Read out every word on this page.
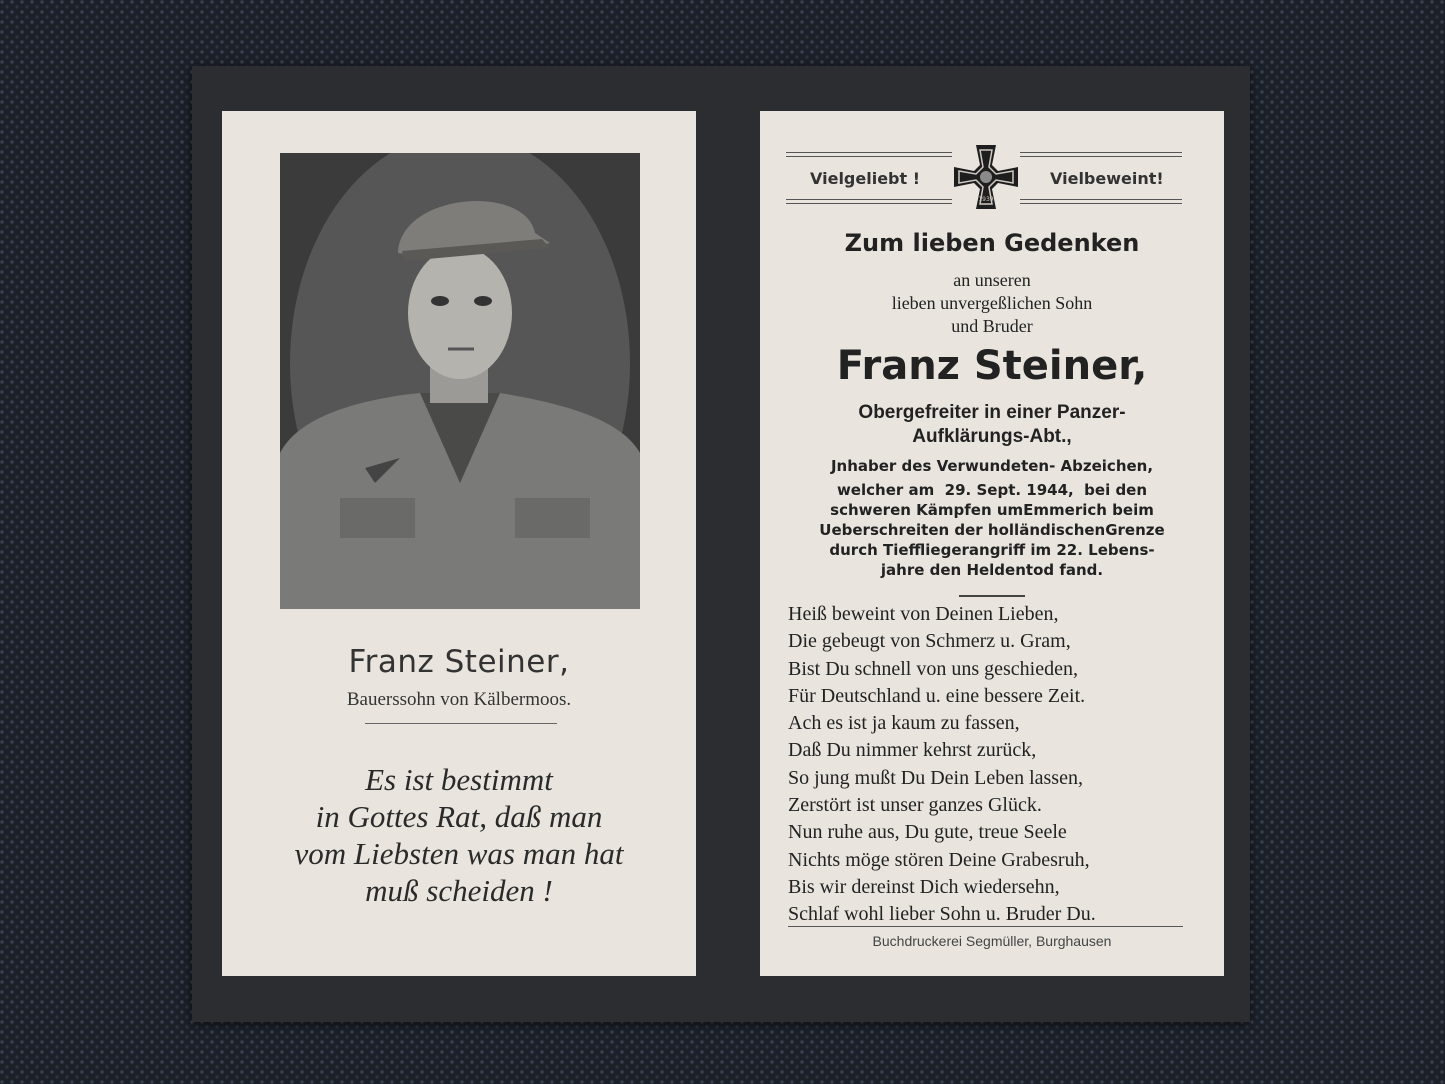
Franz Steiner,
Bauerssohn von Kälbermoos.
Es ist bestimmt
in Gottes Rat, daß man
vom Liebsten was man hat
muß scheiden !
Vielgeliebt !	Vielbeweint!
1939
Zum lieben Gedenken
an unseren
lieben unvergeßlichen Sohn
und Bruder
Franz Steiner,
Obergefreiter in einer Panzer-
Aufklärungs-Abt.,
Jnhaber des Verwundeten- Abzeichen,
welcher am  29. Sept. 1944,  bei den
schweren Kämpfen umEmmerich beim
Ueberschreiten der holländischenGrenze
durch Tieffliegerangriff im 22. Lebens-
jahre den Heldentod fand.
Heiß beweint von Deinen Lieben,
Die gebeugt von Schmerz u. Gram,
Bist Du schnell von uns geschieden,
Für Deutschland u. eine bessere Zeit.
Ach es ist ja kaum zu fassen,
Daß Du nimmer kehrst zurück,
So jung mußt Du Dein Leben lassen,
Zerstört ist unser ganzes Glück.
Nun ruhe aus, Du gute, treue Seele
Nichts möge stören Deine Grabesruh,
Bis wir dereinst Dich wiedersehn,
Schlaf wohl lieber Sohn u. Bruder Du.
Buchdruckerei Segmüller, Burghausen
